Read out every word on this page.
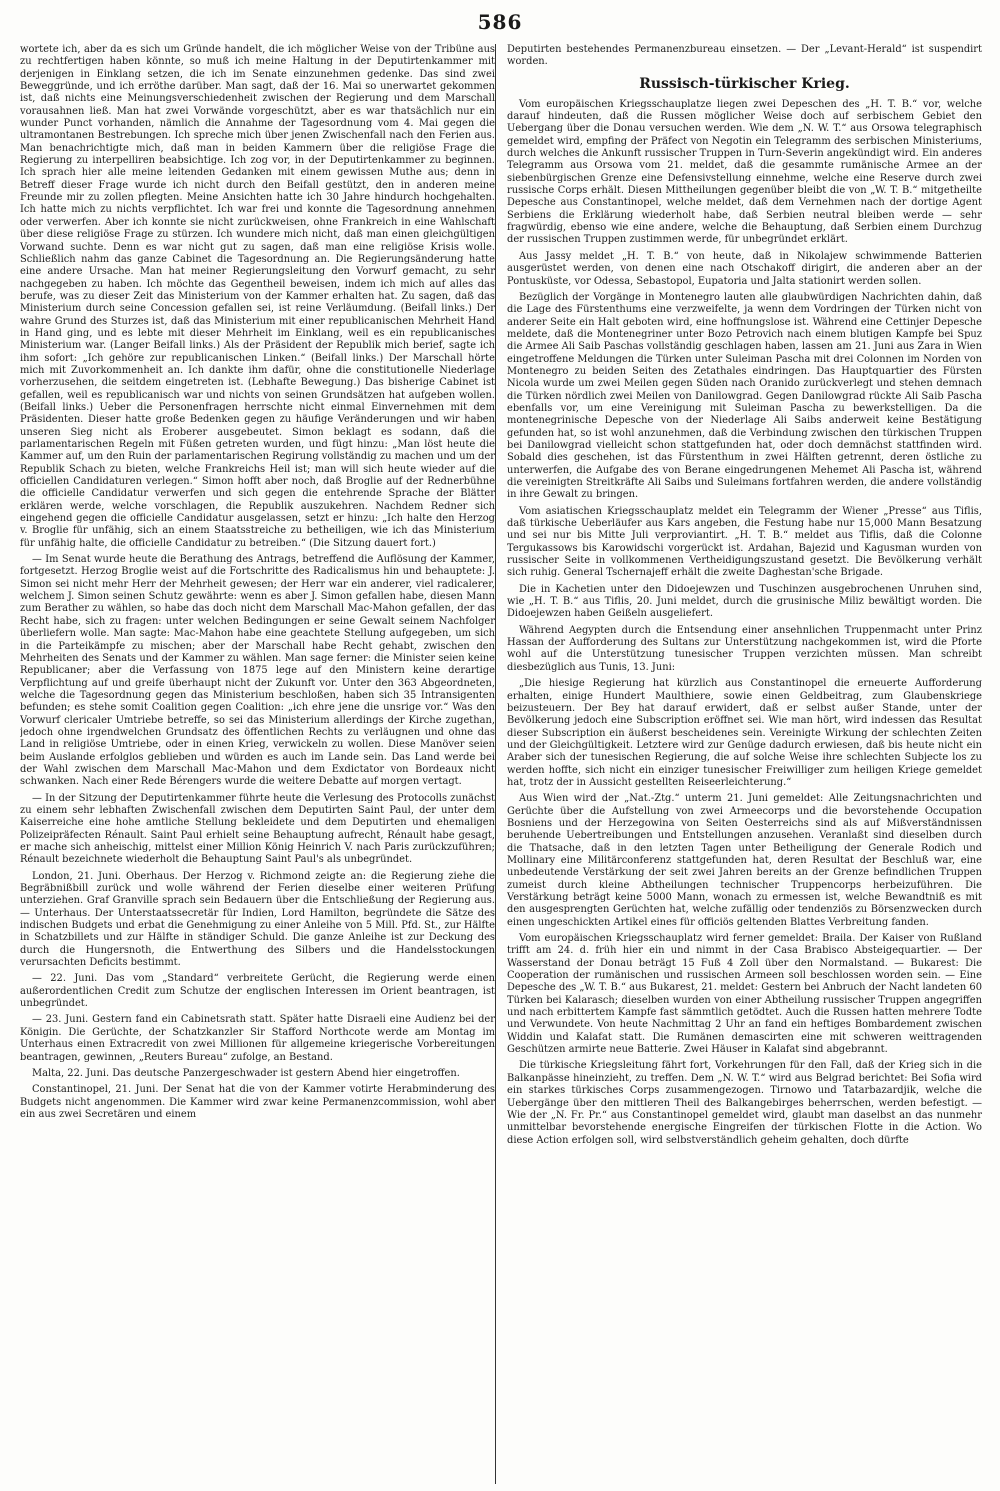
586

wortete ich, aber da es sich um Gründe handelt, die ich möglicher Weise von der Tribüne aus zu rechtfertigen haben könnte, so muß ich meine Haltung in der Deputirtenkammer mit derjenigen in Einklang setzen, die ich im Senate einzunehmen gedenke. Das sind zwei Beweggründe, und ich erröthe darüber. Man sagt, daß der 16. Mai so unerwartet gekommen ist, daß nichts eine Meinungsverschiedenheit zwischen der Regierung und dem Marschall vorausahnen ließ. Man hat zwei Vorwände vorgeschützt, aber es war thatsächlich nur ein wunder Punct vorhanden, nämlich die Annahme der Tagesordnung vom 4. Mai gegen die ultramontanen Bestrebungen. Ich spreche mich über jenen Zwischenfall nach den Ferien aus. Man benachrichtigte mich, daß man in beiden Kammern über die religiöse Frage die Regierung zu interpelliren beabsichtige. Ich zog vor, in der Deputirtenkammer zu beginnen. Ich sprach hier alle meine leitenden Gedanken mit einem gewissen Muthe aus; denn in Betreff dieser Frage wurde ich nicht durch den Beifall gestützt, den in anderen meine Freunde mir zu zollen pflegten. Meine Ansichten hatte ich 30 Jahre hindurch hochgehalten. Ich hatte mich zu nichts verpflichtet. Ich war frei und konnte die Tagesordnung annehmen oder verwerfen. Aber ich konnte sie nicht zurückweisen, ohne Frankreich in eine Wahlschaft über diese religiöse Frage zu stürzen. Ich wundere mich nicht, daß man einen gleichgültigen Vorwand suchte. Denn es war nicht gut zu sagen, daß man eine religiöse Krisis wolle. Schließlich nahm das ganze Cabinet die Tagesordnung an. Die Regierungsänderung hatte eine andere Ursache. Man hat meiner Regierungsleitung den Vorwurf gemacht, zu sehr nachgegeben zu haben. Ich möchte das Gegentheil beweisen, indem ich mich auf alles das berufe, was zu dieser Zeit das Ministerium von der Kammer erhalten hat. Zu sagen, daß das Ministerium durch seine Concession gefallen sei, ist reine Verläumdung. (Beifall links.) Der wahre Grund des Sturzes ist, daß das Ministerium mit einer republicanischen Mehrheit Hand in Hand ging, und es lebte mit dieser Mehrheit im Einklang, weil es ein republicanisches Ministerium war. (Langer Beifall links.) Als der Präsident der Republik mich berief, sagte ich ihm sofort: „Ich gehöre zur republicanischen Linken.“ (Beifall links.) Der Marschall hörte mich mit Zuvorkommenheit an. Ich dankte ihm dafür, ohne die constitutionelle Niederlage vorherzusehen, die seitdem eingetreten ist. (Lebhafte Bewegung.) Das bisherige Cabinet ist gefallen, weil es republicanisch war und nichts von seinen Grundsätzen hat aufgeben wollen. (Beifall links.) Ueber die Personenfragen herrschte nicht einmal Einvernehmen mit dem Präsidenten. Dieser hatte große Bedenken gegen zu häufige Veränderungen und wir haben unseren Sieg nicht als Eroberer ausgebeutet. Simon beklagt es sodann, daß die parlamentarischen Regeln mit Füßen getreten wurden, und fügt hinzu: „Man löst heute die Kammer auf, um den Ruin der parlamentarischen Regirung vollständig zu machen und um der Republik Schach zu bieten, welche Frankreichs Heil ist; man will sich heute wieder auf die officiellen Candidaturen verlegen.“ Simon hofft aber noch, daß Broglie auf der Rednerbühne die officielle Candidatur verwerfen und sich gegen die entehrende Sprache der Blätter erklären werde, welche vorschlagen, die Republik auszukehren. Nachdem Redner sich eingehend gegen die officielle Candidatur ausgelassen, setzt er hinzu: „Ich halte den Herzog v. Broglie für unfähig, sich an einem Staatsstreiche zu betheiligen, wie ich das Ministerium für unfähig halte, die officielle Candidatur zu betreiben.“ (Die Sitzung dauert fort.)

— Im Senat wurde heute die Berathung des Antrags, betreffend die Auflösung der Kammer, fortgesetzt. Herzog Broglie weist auf die Fortschritte des Radicalismus hin und behauptete: J. Simon sei nicht mehr Herr der Mehrheit gewesen; der Herr war ein anderer, viel radicalerer, welchem J. Simon seinen Schutz gewährte: wenn es aber J. Simon gefallen habe, diesen Mann zum Berather zu wählen, so habe das doch nicht dem Marschall Mac-Mahon gefallen, der das Recht habe, sich zu fragen: unter welchen Bedingungen er seine Gewalt seinem Nachfolger überliefern wolle. Man sagte: Mac-Mahon habe eine geachtete Stellung aufgegeben, um sich in die Parteikämpfe zu mischen; aber der Marschall habe Recht gehabt, zwischen den Mehrheiten des Senats und der Kammer zu wählen. Man sage ferner: die Minister seien keine Republicaner; aber die Verfassung von 1875 lege auf den Ministern keine derartige Verpflichtung auf und greife überhaupt nicht der Zukunft vor. Unter den 363 Abgeordneten, welche die Tagesordnung gegen das Ministerium beschloßen, haben sich 35 Intransigenten befunden; es stehe somit Coalition gegen Coalition: „ich ehre jene die unsrige vor.“ Was den Vorwurf clericaler Umtriebe betreffe, so sei das Ministerium allerdings der Kirche zugethan, jedoch ohne irgendwelchen Grundsatz des öffentlichen Rechts zu verläugnen und ohne das Land in religiöse Umtriebe, oder in einen Krieg, verwickeln zu wollen. Diese Manöver seien beim Auslande erfolglos geblieben und würden es auch im Lande sein. Das Land werde bei der Wahl zwischen dem Marschall Mac-Mahon und dem Exdictator von Bordeaux nicht schwanken. Nach einer Rede Bérengers wurde die weitere Debatte auf morgen vertagt.

— In der Sitzung der Deputirtenkammer führte heute die Verlesung des Protocolls zunächst zu einem sehr lebhaften Zwischenfall zwischen dem Deputirten Saint Paul, der unter dem Kaiserreiche eine hohe amtliche Stellung bekleidete und dem Deputirten und ehemaligen Polizeipräfecten Rénault. Saint Paul erhielt seine Behauptung aufrecht, Rénault habe gesagt, er mache sich anheischig, mittelst einer Million König Heinrich V. nach Paris zurückzuführen; Rénault bezeichnete wiederholt die Behauptung Saint Paul's als unbegründet.

London, 21. Juni. Oberhaus. Der Herzog v. Richmond zeigte an: die Regierung ziehe die Begräbnißbill zurück und wolle während der Ferien dieselbe einer weiteren Prüfung unterziehen. Graf Granville sprach sein Bedauern über die Entschließung der Regierung aus. — Unterhaus. Der Unterstaatssecretär für Indien, Lord Hamilton, begründete die Sätze des indischen Budgets und erbat die Genehmigung zu einer Anleihe von 5 Mill. Pfd. St., zur Hälfte in Schatzbillets und zur Hälfte in ständiger Schuld. Die ganze Anleihe ist zur Deckung des durch die Hungersnoth, die Entwerthung des Silbers und die Handelsstockungen verursachten Deficits bestimmt.

— 22. Juni. Das vom „Standard“ verbreitete Gerücht, die Regierung werde einen außerordentlichen Credit zum Schutze der englischen Interessen im Orient beantragen, ist unbegründet.

— 23. Juni. Gestern fand ein Cabinetsrath statt. Später hatte Disraeli eine Audienz bei der Königin. Die Gerüchte, der Schatzkanzler Sir Stafford Northcote werde am Montag im Unterhaus einen Extracredit von zwei Millionen für allgemeine kriegerische Vorbereitungen beantragen, gewinnen, „Reuters Bureau“ zufolge, an Bestand.

Malta, 22. Juni. Das deutsche Panzergeschwader ist gestern Abend hier eingetroffen.

Constantinopel, 21. Juni. Der Senat hat die von der Kammer votirte Herabminderung des Budgets nicht angenommen. Die Kammer wird zwar keine Permanenzcommission, wohl aber ein aus zwei Secretären und einem

Deputirten bestehendes Permanenzbureau einsetzen. — Der „Levant-Herald“ ist suspendirt worden.

Russisch-türkischer Krieg.

Vom europäischen Kriegsschauplatze liegen zwei Depeschen des „H. T. B.“ vor, welche darauf hindeuten, daß die Russen möglicher Weise doch auf serbischem Gebiet den Uebergang über die Donau versuchen werden. Wie dem „N. W. T.“ aus Orsowa telegraphisch gemeldet wird, empfing der Präfect von Negotin ein Telegramm des serbischen Ministeriums, durch welches die Ankunft russischer Truppen in Turn-Severin angekündigt wird. Ein anderes Telegramm aus Orsowa vom 21. meldet, daß die gesammte rumänische Armee an der siebenbürgischen Grenze eine Defensivstellung einnehme, welche eine Reserve durch zwei russische Corps erhält. Diesen Mittheilungen gegenüber bleibt die von „W. T. B.“ mitgetheilte Depesche aus Constantinopel, welche meldet, daß dem Vernehmen nach der dortige Agent Serbiens die Erklärung wiederholt habe, daß Serbien neutral bleiben werde — sehr fragwürdig, ebenso wie eine andere, welche die Behauptung, daß Serbien einem Durchzug der russischen Truppen zustimmen werde, für unbegründet erklärt.

Aus Jassy meldet „H. T. B.“ von heute, daß in Nikolajew schwimmende Batterien ausgerüstet werden, von denen eine nach Otschakoff dirigirt, die anderen aber an der Pontusküste, vor Odessa, Sebastopol, Eupatoria und Jalta stationirt werden sollen.

Bezüglich der Vorgänge in Montenegro lauten alle glaubwürdigen Nachrichten dahin, daß die Lage des Fürstenthums eine verzweifelte, ja wenn dem Vordringen der Türken nicht von anderer Seite ein Halt geboten wird, eine hoffnungslose ist. Während eine Cettinjer Depesche meldete, daß die Montenegriner unter Bozo Petrovich nach einem blutigen Kampfe bei Spuz die Armee Ali Saib Paschas vollständig geschlagen haben, lassen am 21. Juni aus Zara in Wien eingetroffene Meldungen die Türken unter Suleiman Pascha mit drei Colonnen im Norden von Montenegro zu beiden Seiten des Zetathales eindringen. Das Hauptquartier des Fürsten Nicola wurde um zwei Meilen gegen Süden nach Oranido zurückverlegt und stehen demnach die Türken nördlich zwei Meilen von Danilowgrad. Gegen Danilowgrad rückte Ali Saib Pascha ebenfalls vor, um eine Vereinigung mit Suleiman Pascha zu bewerkstelligen. Da die montenegrinische Depesche von der Niederlage Ali Saibs anderweit keine Bestätigung gefunden hat, so ist wohl anzunehmen, daß die Verbindung zwischen den türkischen Truppen bei Danilowgrad vielleicht schon stattgefunden hat, oder doch demnächst stattfinden wird. Sobald dies geschehen, ist das Fürstenthum in zwei Hälften getrennt, deren östliche zu unterwerfen, die Aufgabe des von Berane eingedrungenen Mehemet Ali Pascha ist, während die vereinigten Streitkräfte Ali Saibs und Suleimans fortfahren werden, die andere vollständig in ihre Gewalt zu bringen.

Vom asiatischen Kriegsschauplatz meldet ein Telegramm der Wiener „Presse“ aus Tiflis, daß türkische Ueberläufer aus Kars angeben, die Festung habe nur 15,000 Mann Besatzung und sei nur bis Mitte Juli verproviantirt. „H. T. B.“ meldet aus Tiflis, daß die Colonne Tergukassows bis Karowidschi vorgerückt ist. Ardahan, Bajezid und Kagusman wurden von russischer Seite in vollkommenen Vertheidigungszustand gesetzt. Die Bevölkerung verhält sich ruhig. General Tschernajeff erhält die zweite Daghestan'sche Brigade.

Die in Kachetien unter den Didoejewzen und Tuschinzen ausgebrochenen Unruhen sind, wie „H. T. B.“ aus Tiflis, 20. Juni meldet, durch die grusinische Miliz bewältigt worden. Die Didoejewzen haben Geißeln ausgeliefert.

Während Aegypten durch die Entsendung einer ansehnlichen Truppenmacht unter Prinz Hassan der Aufforderung des Sultans zur Unterstützung nachgekommen ist, wird die Pforte wohl auf die Unterstützung tunesischer Truppen verzichten müssen. Man schreibt diesbezüglich aus Tunis, 13. Juni:

„Die hiesige Regierung hat kürzlich aus Constantinopel die erneuerte Aufforderung erhalten, einige Hundert Maulthiere, sowie einen Geldbeitrag, zum Glaubenskriege beizusteuern. Der Bey hat darauf erwidert, daß er selbst außer Stande, unter der Bevölkerung jedoch eine Subscription eröffnet sei. Wie man hört, wird indessen das Resultat dieser Subscription ein äußerst bescheidenes sein. Vereinigte Wirkung der schlechten Zeiten und der Gleichgültigkeit. Letztere wird zur Genüge dadurch erwiesen, daß bis heute nicht ein Araber sich der tunesischen Regierung, die auf solche Weise ihre schlechten Subjecte los zu werden hoffte, sich nicht ein einziger tunesischer Freiwilliger zum heiligen Kriege gemeldet hat, trotz der in Aussicht gestellten Reiseerleichterung.“

Aus Wien wird der „Nat.-Ztg.“ unterm 21. Juni gemeldet: Alle Zeitungsnachrichten und Gerüchte über die Aufstellung von zwei Armeecorps und die bevorstehende Occupation Bosniens und der Herzegowina von Seiten Oesterreichs sind als auf Mißverständnissen beruhende Uebertreibungen und Entstellungen anzusehen. Veranlaßt sind dieselben durch die Thatsache, daß in den letzten Tagen unter Betheiligung der Generale Rodich und Mollinary eine Militärconferenz stattgefunden hat, deren Resultat der Beschluß war, eine unbedeutende Verstärkung der seit zwei Jahren bereits an der Grenze befindlichen Truppen zumeist durch kleine Abtheilungen technischer Truppencorps herbeizuführen. Die Verstärkung beträgt keine 5000 Mann, wonach zu ermessen ist, welche Bewandtniß es mit den ausgesprengten Gerüchten hat, welche zufällig oder tendenziös zu Börsenzwecken durch einen ungeschickten Artikel eines für officiös geltenden Blattes Verbreitung fanden.

Vom europäischen Kriegsschauplatz wird ferner gemeldet: Braila. Der Kaiser von Rußland trifft am 24. d. früh hier ein und nimmt in der Casa Brabisco Absteigequartier. — Der Wasserstand der Donau beträgt 15 Fuß 4 Zoll über den Normalstand. — Bukarest: Die Cooperation der rumänischen und russischen Armeen soll beschlossen worden sein. — Eine Depesche des „W. T. B.“ aus Bukarest, 21. meldet: Gestern bei Anbruch der Nacht landeten 60 Türken bei Kalarasch; dieselben wurden von einer Abtheilung russischer Truppen angegriffen und nach erbittertem Kampfe fast sämmtlich getödtet. Auch die Russen hatten mehrere Todte und Verwundete. Von heute Nachmittag 2 Uhr an fand ein heftiges Bombardement zwischen Widdin und Kalafat statt. Die Rumänen demascirten eine mit schweren weittragenden Geschützen armirte neue Batterie. Zwei Häuser in Kalafat sind abgebrannt.

Die türkische Kriegsleitung fährt fort, Vorkehrungen für den Fall, daß der Krieg sich in die Balkanpässe hineinzieht, zu treffen. Dem „N. W. T.“ wird aus Belgrad berichtet: Bei Sofia wird ein starkes türkisches Corps zusammengezogen. Tirnowo und Tatarbazardjik, welche die Uebergänge über den mittleren Theil des Balkangebirges beherrschen, werden befestigt. — Wie der „N. Fr. Pr.“ aus Constantinopel gemeldet wird, glaubt man daselbst an das nunmehr unmittelbar bevorstehende energische Eingreifen der türkischen Flotte in die Action. Wo diese Action erfolgen soll, wird selbstverständlich geheim gehalten, doch dürfte
